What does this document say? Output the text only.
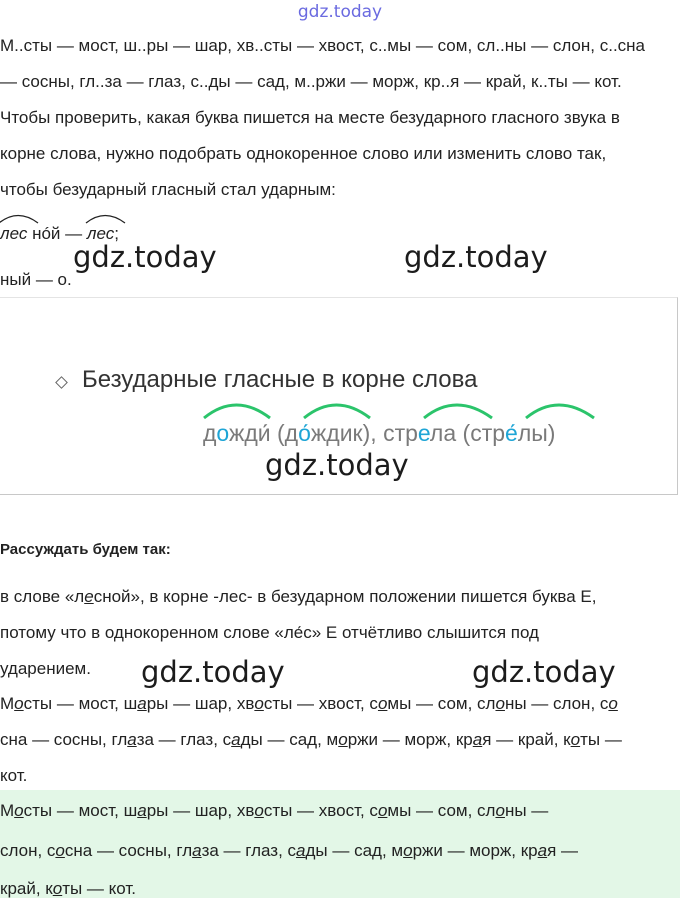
gdz.today
М..сты — мост, ш..ры — шар, хв..сты — хвост, с..мы — сом, сл..ны — слон, с..сна
— сосны, гл..за — глаз, с..ды — сад, м..ржи — морж, кр..я — край, к..ты — кот.
Чтобы проверить, какая буква пишется на месте безударного гласного звука в
корне слова, нужно подобрать однокоренное слово или изменить слово так,
чтобы безударный гласный стал ударным:
лес нóй — лес;
gdz.today	gdz.today
ный — о.
Безударные гласные в корне слова
дожди́ (до́ждик), стрела (стре́лы)
gdz.today
Рассуждать будем так:
в слове «лесной», в корне -лес- в безударном положении пишется буква Е,
потому что в однокоренном слове «ле́с» Е отчётливо слышится под
ударением. gdz.today	gdz.today
Мосты — мост, шары — шар, хвосты — хвост, сомы — сом, слоны — слон, со
сна — сосны, глаза — глаз, сады — сад, моржи — морж, края — край, коты —
кот.
Мосты — мост, шары — шар, хвосты — хвост, сомы — сом, слоны —
слон, сосна — сосны, глаза — глаз, сады — сад, моржи — морж, края —
край, коты — кот.
